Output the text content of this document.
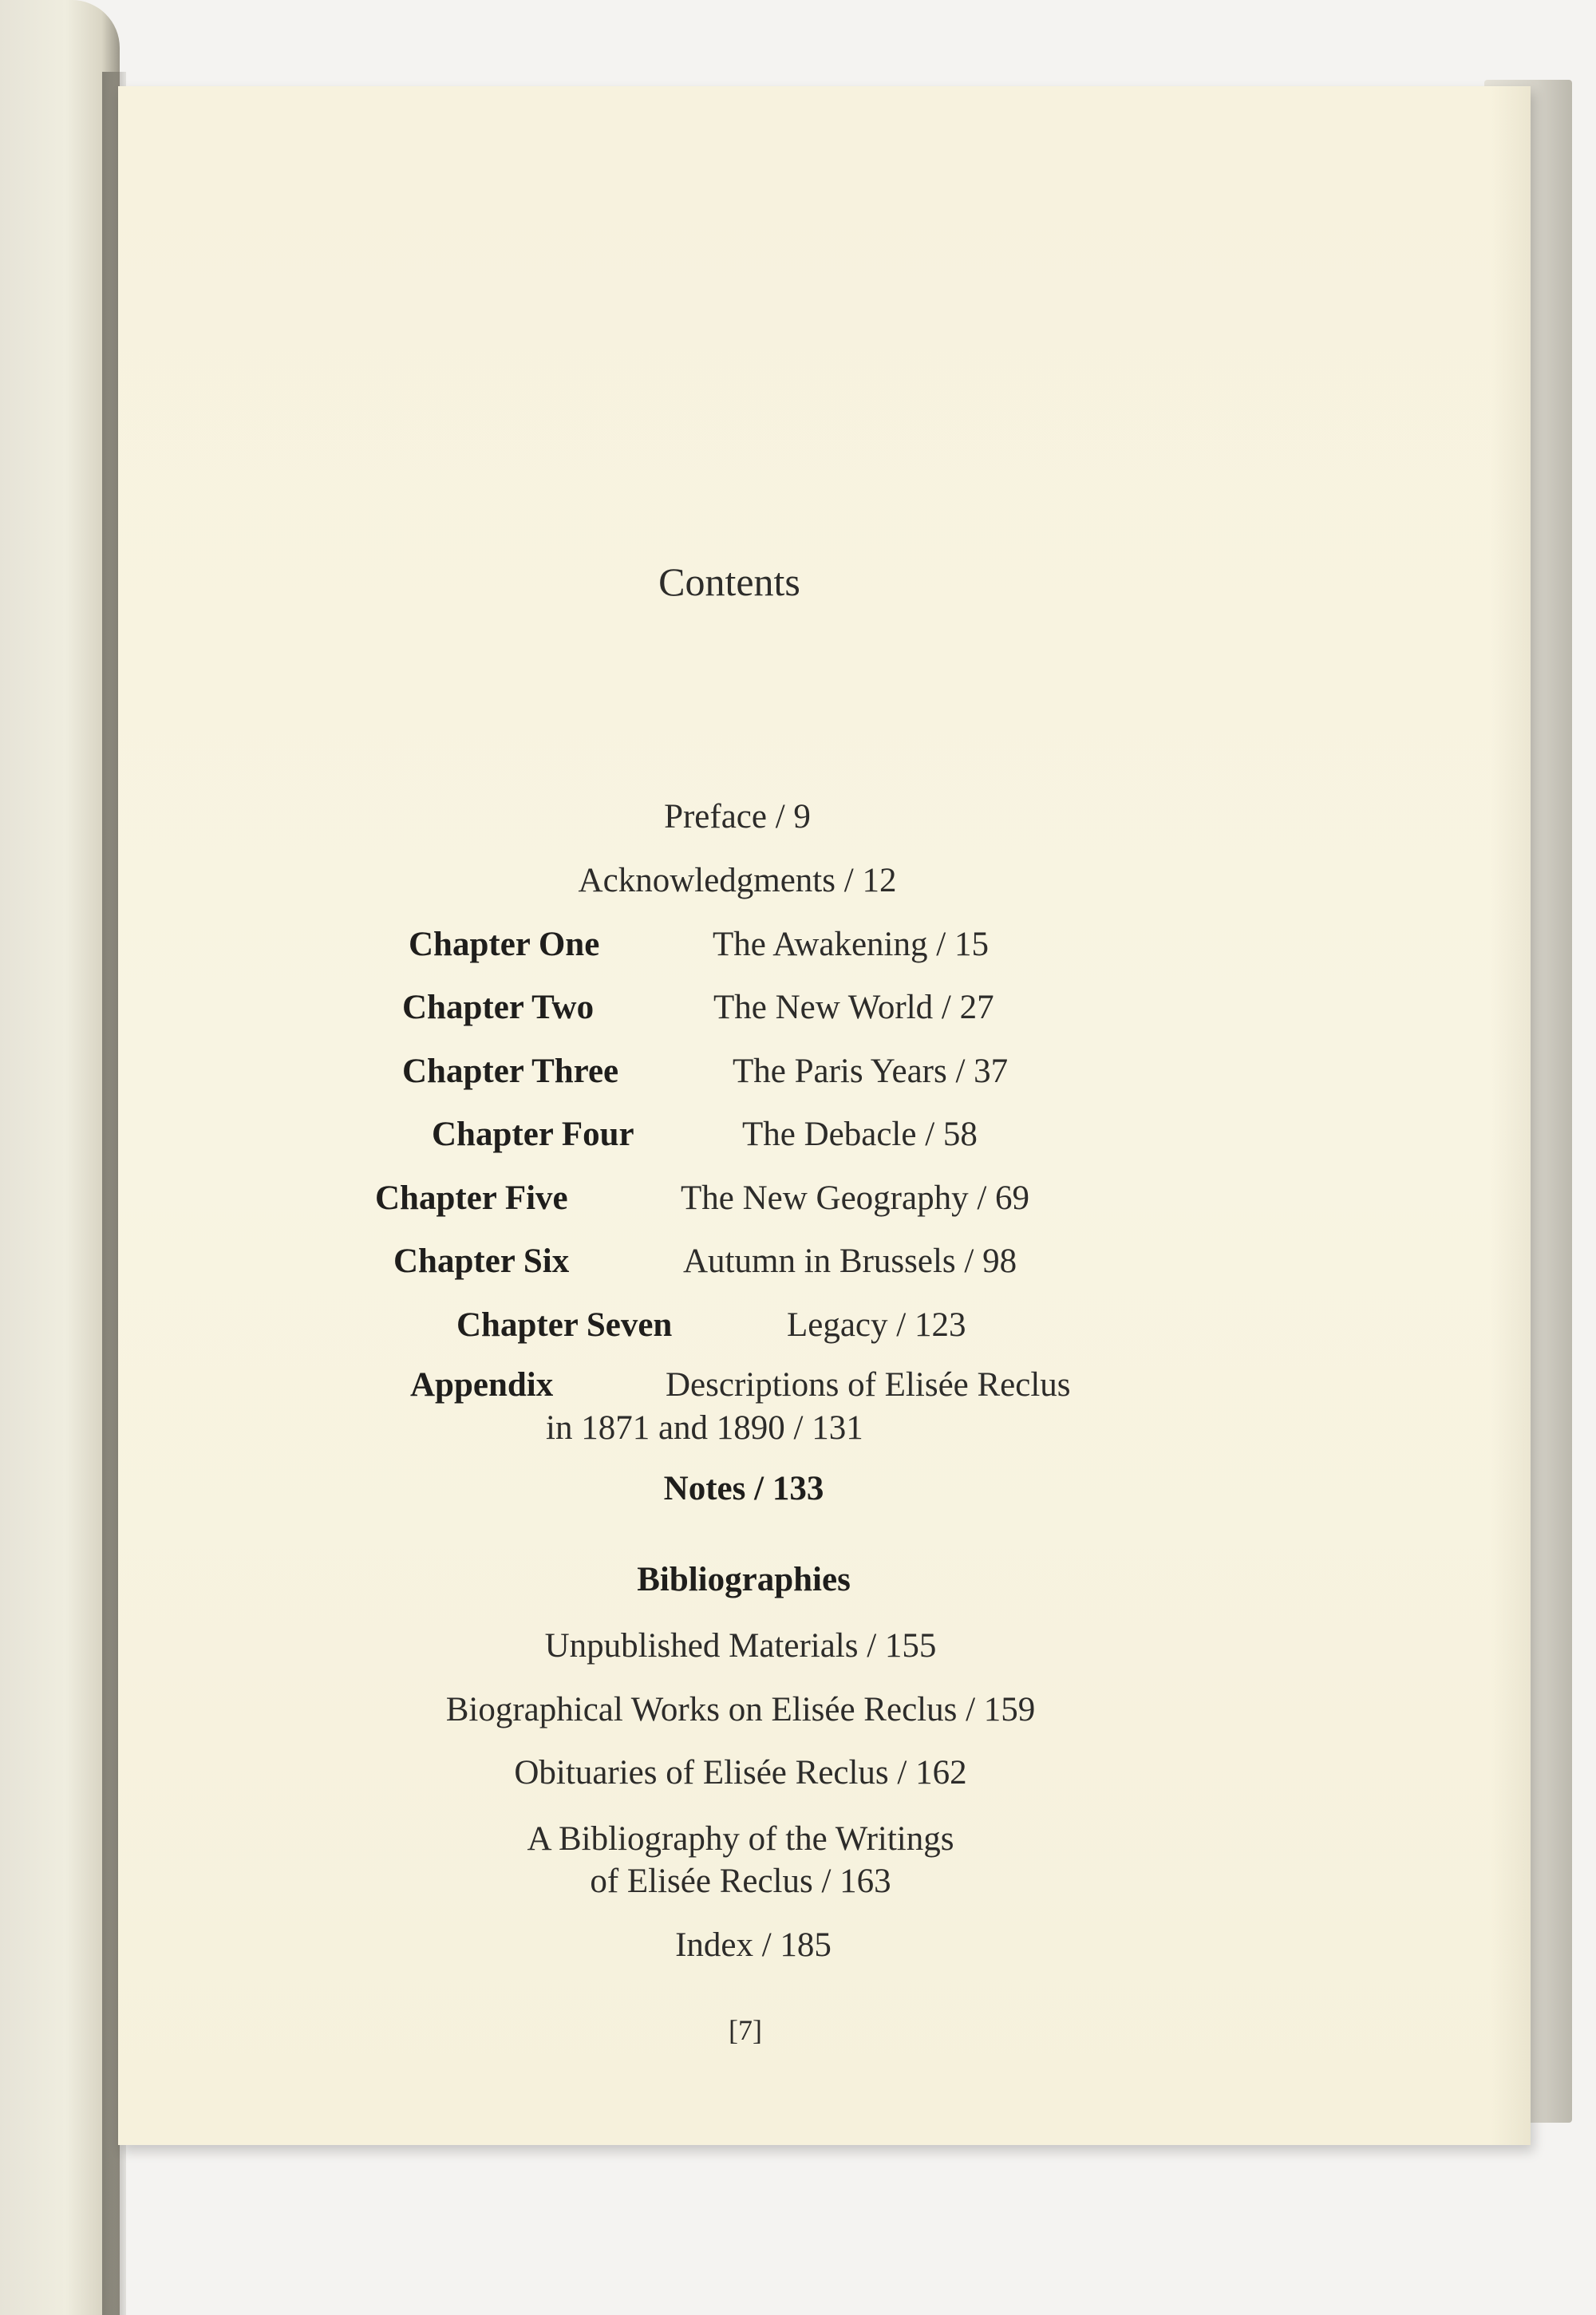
Contents
Preface / 9
Acknowledgments / 12
Chapter One	The Awakening / 15
Chapter Two	The New World / 27
Chapter Three	The Paris Years / 37
Chapter Four	The Debacle / 58
Chapter Five	The New Geography / 69
Chapter Six	Autumn in Brussels / 98
Chapter Seven	Legacy / 123
Appendix	Descriptions of Elisée Reclus
in 1871 and 1890 / 131
Notes / 133
Bibliographies
Unpublished Materials / 155
Biographical Works on Elisée Reclus / 159
Obituaries of Elisée Reclus / 162
A Bibliography of the Writings
of Elisée Reclus / 163
Index / 185
[7]
